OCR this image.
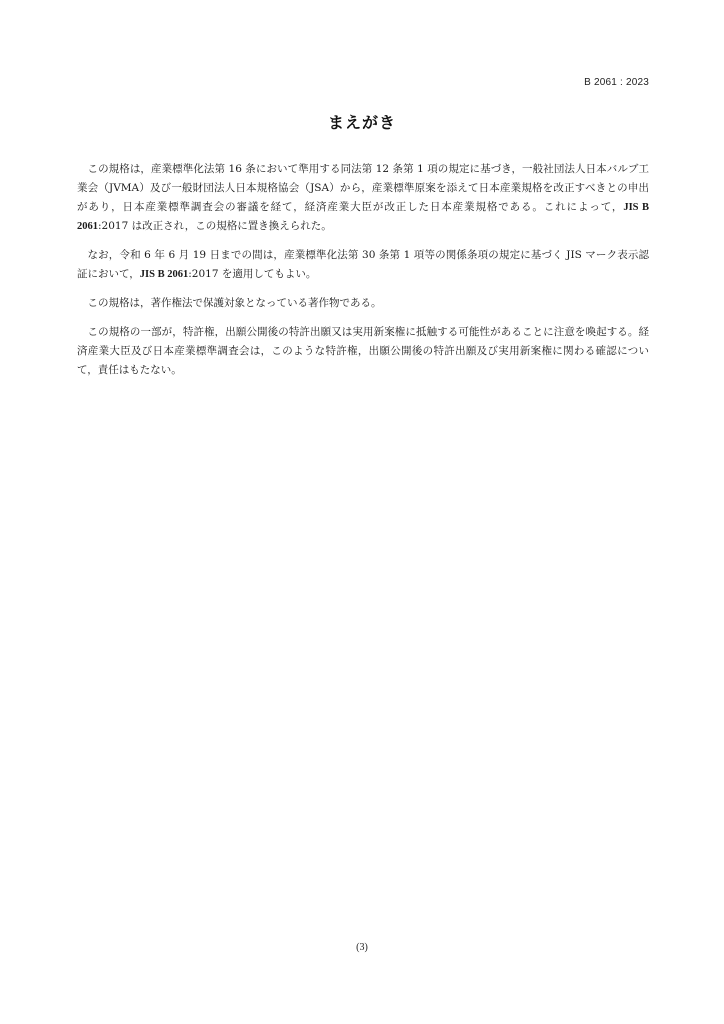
B 2061 : 2023
まえがき

この規格は，産業標準化法第 16 条において準用する同法第 12 条第 1 項の規定に基づき，一般社団法人日本バルブ工業会（JVMA）及び一般財団法人日本規格協会（JSA）から，産業標準原案を添えて日本産業規格を改正すべきとの申出があり，日本産業標準調査会の審議を経て，経済産業大臣が改正した日本産業規格である。これによって，JIS B 2061:2017 は改正され，この規格に置き換えられた。

なお，令和 6 年 6 月 19 日までの間は，産業標準化法第 30 条第 1 項等の関係条項の規定に基づく JIS マーク表示認証において，JIS B 2061:2017 を適用してもよい。

この規格は，著作権法で保護対象となっている著作物である。

この規格の一部が，特許権，出願公開後の特許出願又は実用新案権に抵触する可能性があることに注意を喚起する。経済産業大臣及び日本産業標準調査会は，このような特許権，出願公開後の特許出願及び実用新案権に関わる確認について，責任はもたない。

(3)
